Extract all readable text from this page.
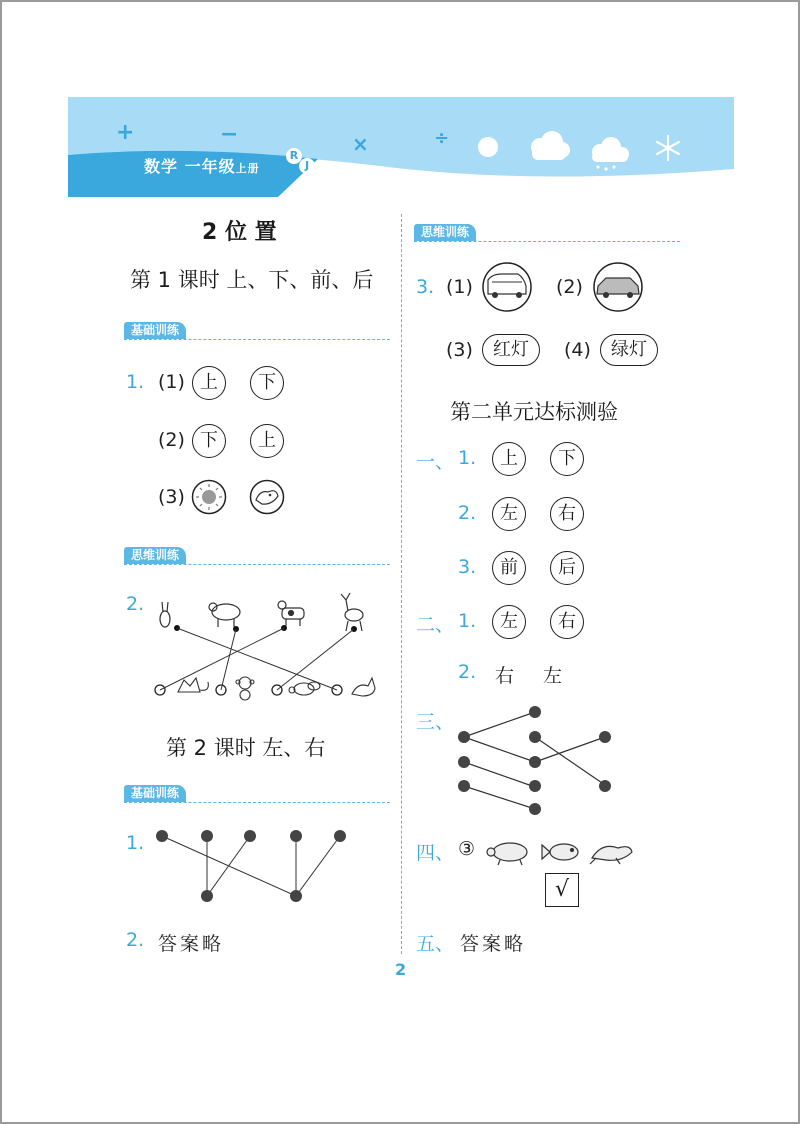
+	−	×	÷
数学 一年级上册
R
J
2 位 置
第 1 课时 上、下、前、后
基础训练
1. (1) 上	下
(2) 下	上
(3)
思维训练
2.
第 2 课时 左、右
基础训练
1.
2. 答案略
思维训练
3. (1)	(2)
(3)	红灯	(4)	绿灯
第二单元达标测验
一、 1.	上	下
2.	左	右
3.	前	后
二、 1.	左	右
2. 右 左
三、
四、 ③
√
五、 答案略
2
